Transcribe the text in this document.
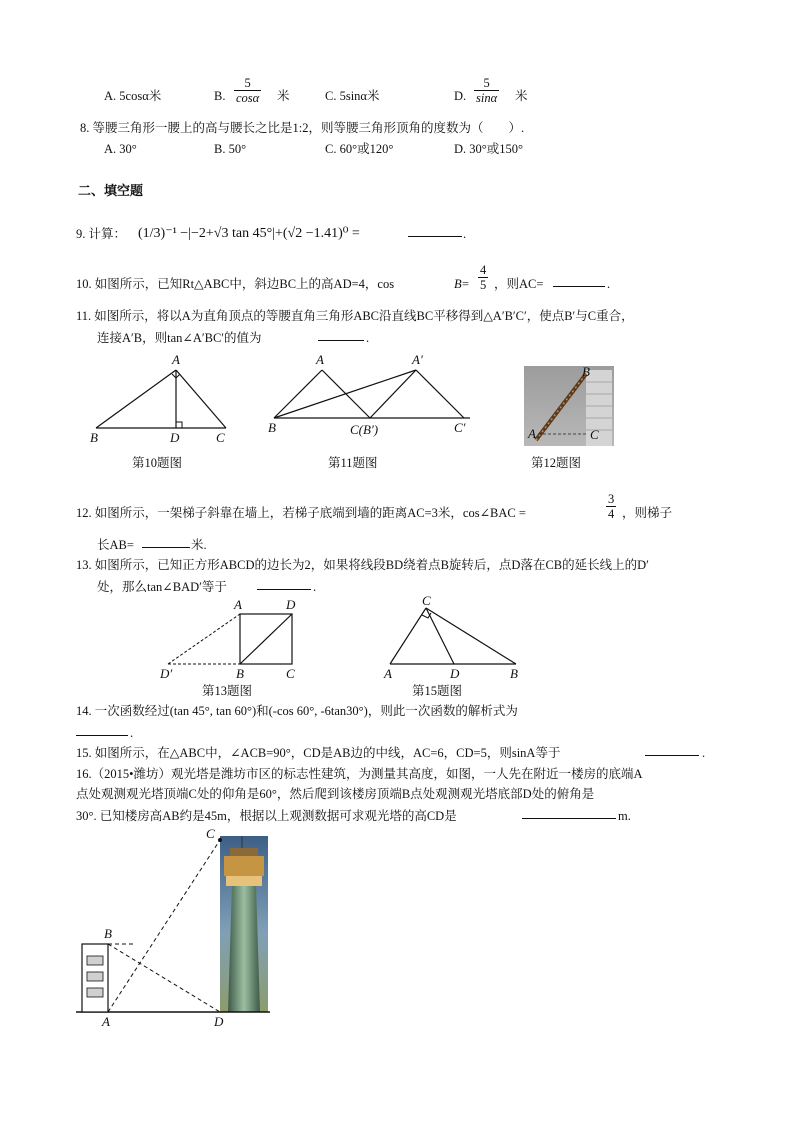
A. 5cosα米	B. $\frac{5}{\cos\alpha}$ 米	C. 5sinα米	D. $\frac{5}{\sin\alpha}$ 米
8. 等腰三角形一腰上的高与腰长之比是1:2，则等腰三角形顶角的度数为（　　）.
A. 30°	B. 50°	C. 60°或120°	D. 30°或150°
二、填空题
9. 计算： (1/3)⁻¹ −|−2+√3 tan 45°|+(√2 −1.41)⁰ =	.
10. 如图所示，已知Rt△ABC中，斜边BC上的高AD=4，cos	$B = \frac{4}{5}$ ，则AC=	.
11. 如图所示，将以A为直角顶点的等腰直角三角形ABC沿直线BC平移得到△A′B′C′，使点B′与C重合，
连接A′B，则tan∠A′BC′的值为	.
A
B	D	C
第10题图
A	A′
B	C(B′)	C′
第11题图
B
A	C
第12题图
12. 如图所示，一架梯子斜靠在墙上，若梯子底端到墙的距离AC=3米，cos∠BAC =	$\frac{3}{4}$ ，则梯子
长AB=	米.
13. 如图所示，已知正方形ABCD的边长为2，如果将线段BD绕着点B旋转后，点D落在CB的延长线上的D′
处，那么tan∠BAD′等于	.
A	D
D′	B	C
第13题图
C
A	D	B
第15题图
14. 一次函数经过(tan 45°, tan 60°)和(-cos 60°, -6tan30°)，则此一次函数的解析式为
.
15. 如图所示，在△ABC中，∠ACB=90°，CD是AB边的中线，AC=6，CD=5，则sinA等于	.
16.（2015•潍坊）观光塔是潍坊市区的标志性建筑，为测量其高度，如图，一人先在附近一楼房的底端A
点处观测观光塔顶端C处的仰角是60°，然后爬到该楼房顶端B点处观测观光塔底部D处的俯角是
30°. 已知楼房高AB约是45m，根据以上观测数据可求观光塔的高CD是	m.
C
B
A	D
